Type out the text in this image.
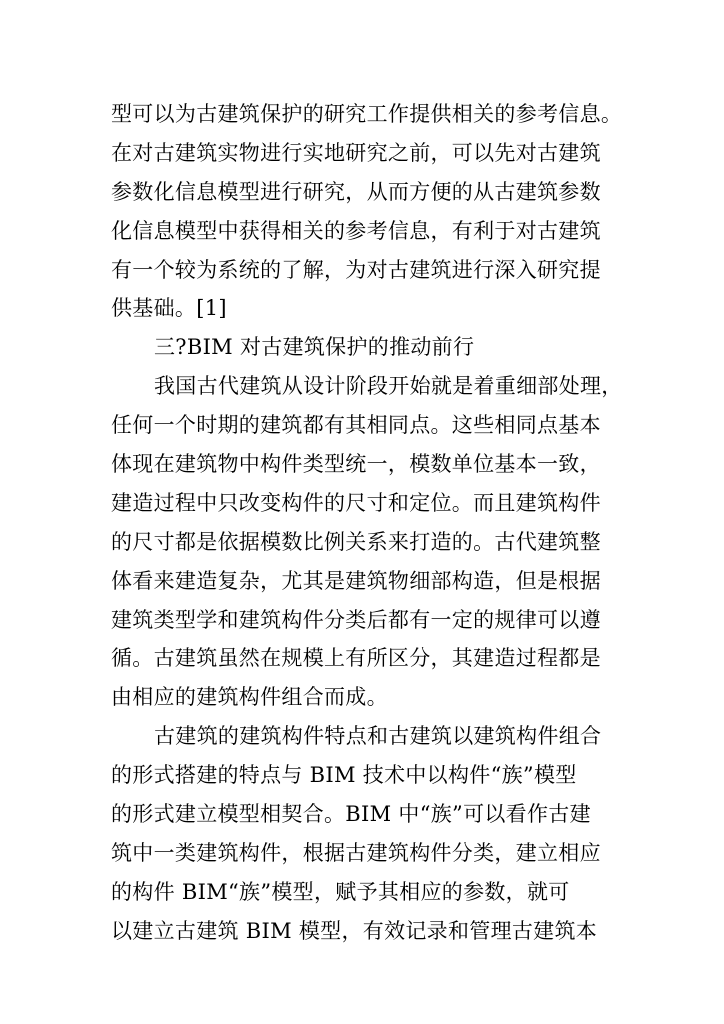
型可以为古建筑保护的研究工作提供相关的参考信息。
在对古建筑实物进行实地研究之前，可以先对古建筑
参数化信息模型进行研究，从而方便的从古建筑参数
化信息模型中获得相关的参考信息，有利于对古建筑
有一个较为系统的了解，为对古建筑进行深入研究提
供基础。[1]
三?BIM 对古建筑保护的推动前行
我国古代建筑从设计阶段开始就是着重细部处理，
任何一个时期的建筑都有其相同点。这些相同点基本
体现在建筑物中构件类型统一，模数单位基本一致，
建造过程中只改变构件的尺寸和定位。而且建筑构件
的尺寸都是依据模数比例关系来打造的。古代建筑整
体看来建造复杂，尤其是建筑物细部构造，但是根据
建筑类型学和建筑构件分类后都有一定的规律可以遵
循。古建筑虽然在规模上有所区分，其建造过程都是
由相应的建筑构件组合而成。
古建筑的建筑构件特点和古建筑以建筑构件组合
的形式搭建的特点与 BIM 技术中以构件“族”模型
的形式建立模型相契合。BIM 中“族”可以看作古建
筑中一类建筑构件，根据古建筑构件分类，建立相应
的构件 BIM“族”模型，赋予其相应的参数，就可
以建立古建筑 BIM 模型，有效记录和管理古建筑本
